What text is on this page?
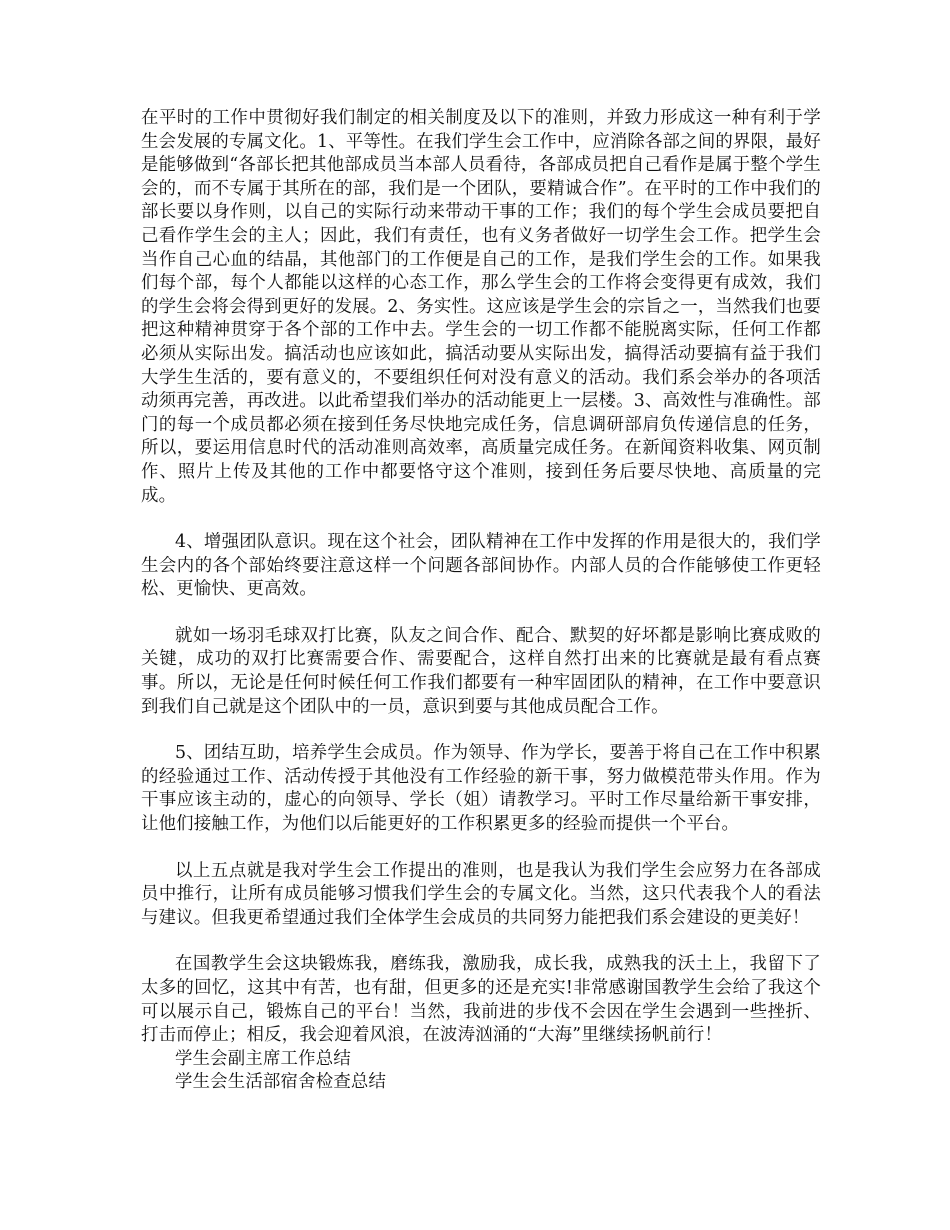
在平时的工作中贯彻好我们制定的相关制度及以下的准则，并致力形成这一种有利于学生会发展的专属文化。1、平等性。在我们学生会工作中，应消除各部之间的界限，最好是能够做到“各部长把其他部成员当本部人员看待，各部成员把自己看作是属于整个学生会的，而不专属于其所在的部，我们是一个团队，要精诚合作”。在平时的工作中我们的部长要以身作则，以自己的实际行动来带动干事的工作；我们的每个学生会成员要把自己看作学生会的主人；因此，我们有责任，也有义务者做好一切学生会工作。把学生会当作自己心血的结晶，其他部门的工作便是自己的工作，是我们学生会的工作。如果我们每个部，每个人都能以这样的心态工作，那么学生会的工作将会变得更有成效，我们的学生会将会得到更好的发展。2、务实性。这应该是学生会的宗旨之一，当然我们也要把这种精神贯穿于各个部的工作中去。学生会的一切工作都不能脱离实际，任何工作都必须从实际出发。搞活动也应该如此，搞活动要从实际出发，搞得活动要搞有益于我们大学生生活的，要有意义的，不要组织任何对没有意义的活动。我们系会举办的各项活动须再完善，再改进。以此希望我们举办的活动能更上一层楼。3、高效性与准确性。部门的每一个成员都必须在接到任务尽快地完成任务，信息调研部肩负传递信息的任务，所以，要运用信息时代的活动准则高效率，高质量完成任务。在新闻资料收集、网页制作、照片上传及其他的工作中都要恪守这个准则，接到任务后要尽快地、高质量的完成。

4、增强团队意识。现在这个社会，团队精神在工作中发挥的作用是很大的，我们学生会内的各个部始终要注意这样一个问题各部间协作。内部人员的合作能够使工作更轻松、更愉快、更高效。

就如一场羽毛球双打比赛，队友之间合作、配合、默契的好坏都是影响比赛成败的关键，成功的双打比赛需要合作、需要配合，这样自然打出来的比赛就是最有看点赛事。所以，无论是任何时候任何工作我们都要有一种牢固团队的精神，在工作中要意识到我们自己就是这个团队中的一员，意识到要与其他成员配合工作。

5、团结互助，培养学生会成员。作为领导、作为学长，要善于将自己在工作中积累的经验通过工作、活动传授于其他没有工作经验的新干事，努力做模范带头作用。作为干事应该主动的，虚心的向领导、学长（姐）请教学习。平时工作尽量给新干事安排，让他们接触工作，为他们以后能更好的工作积累更多的经验而提供一个平台。

以上五点就是我对学生会工作提出的准则，也是我认为我们学生会应努力在各部成员中推行，让所有成员能够习惯我们学生会的专属文化。当然，这只代表我个人的看法与建议。但我更希望通过我们全体学生会成员的共同努力能把我们系会建设的更美好！

在国教学生会这块锻炼我，磨练我，激励我，成长我，成熟我的沃土上，我留下了太多的回忆，这其中有苦，也有甜，但更多的还是充实!非常感谢国教学生会给了我这个可以展示自己，锻炼自己的平台！当然，我前进的步伐不会因在学生会遇到一些挫折、打击而停止；相反，我会迎着风浪，在波涛汹涌的“大海”里继续扬帆前行！

学生会副主席工作总结

学生会生活部宿舍检查总结
